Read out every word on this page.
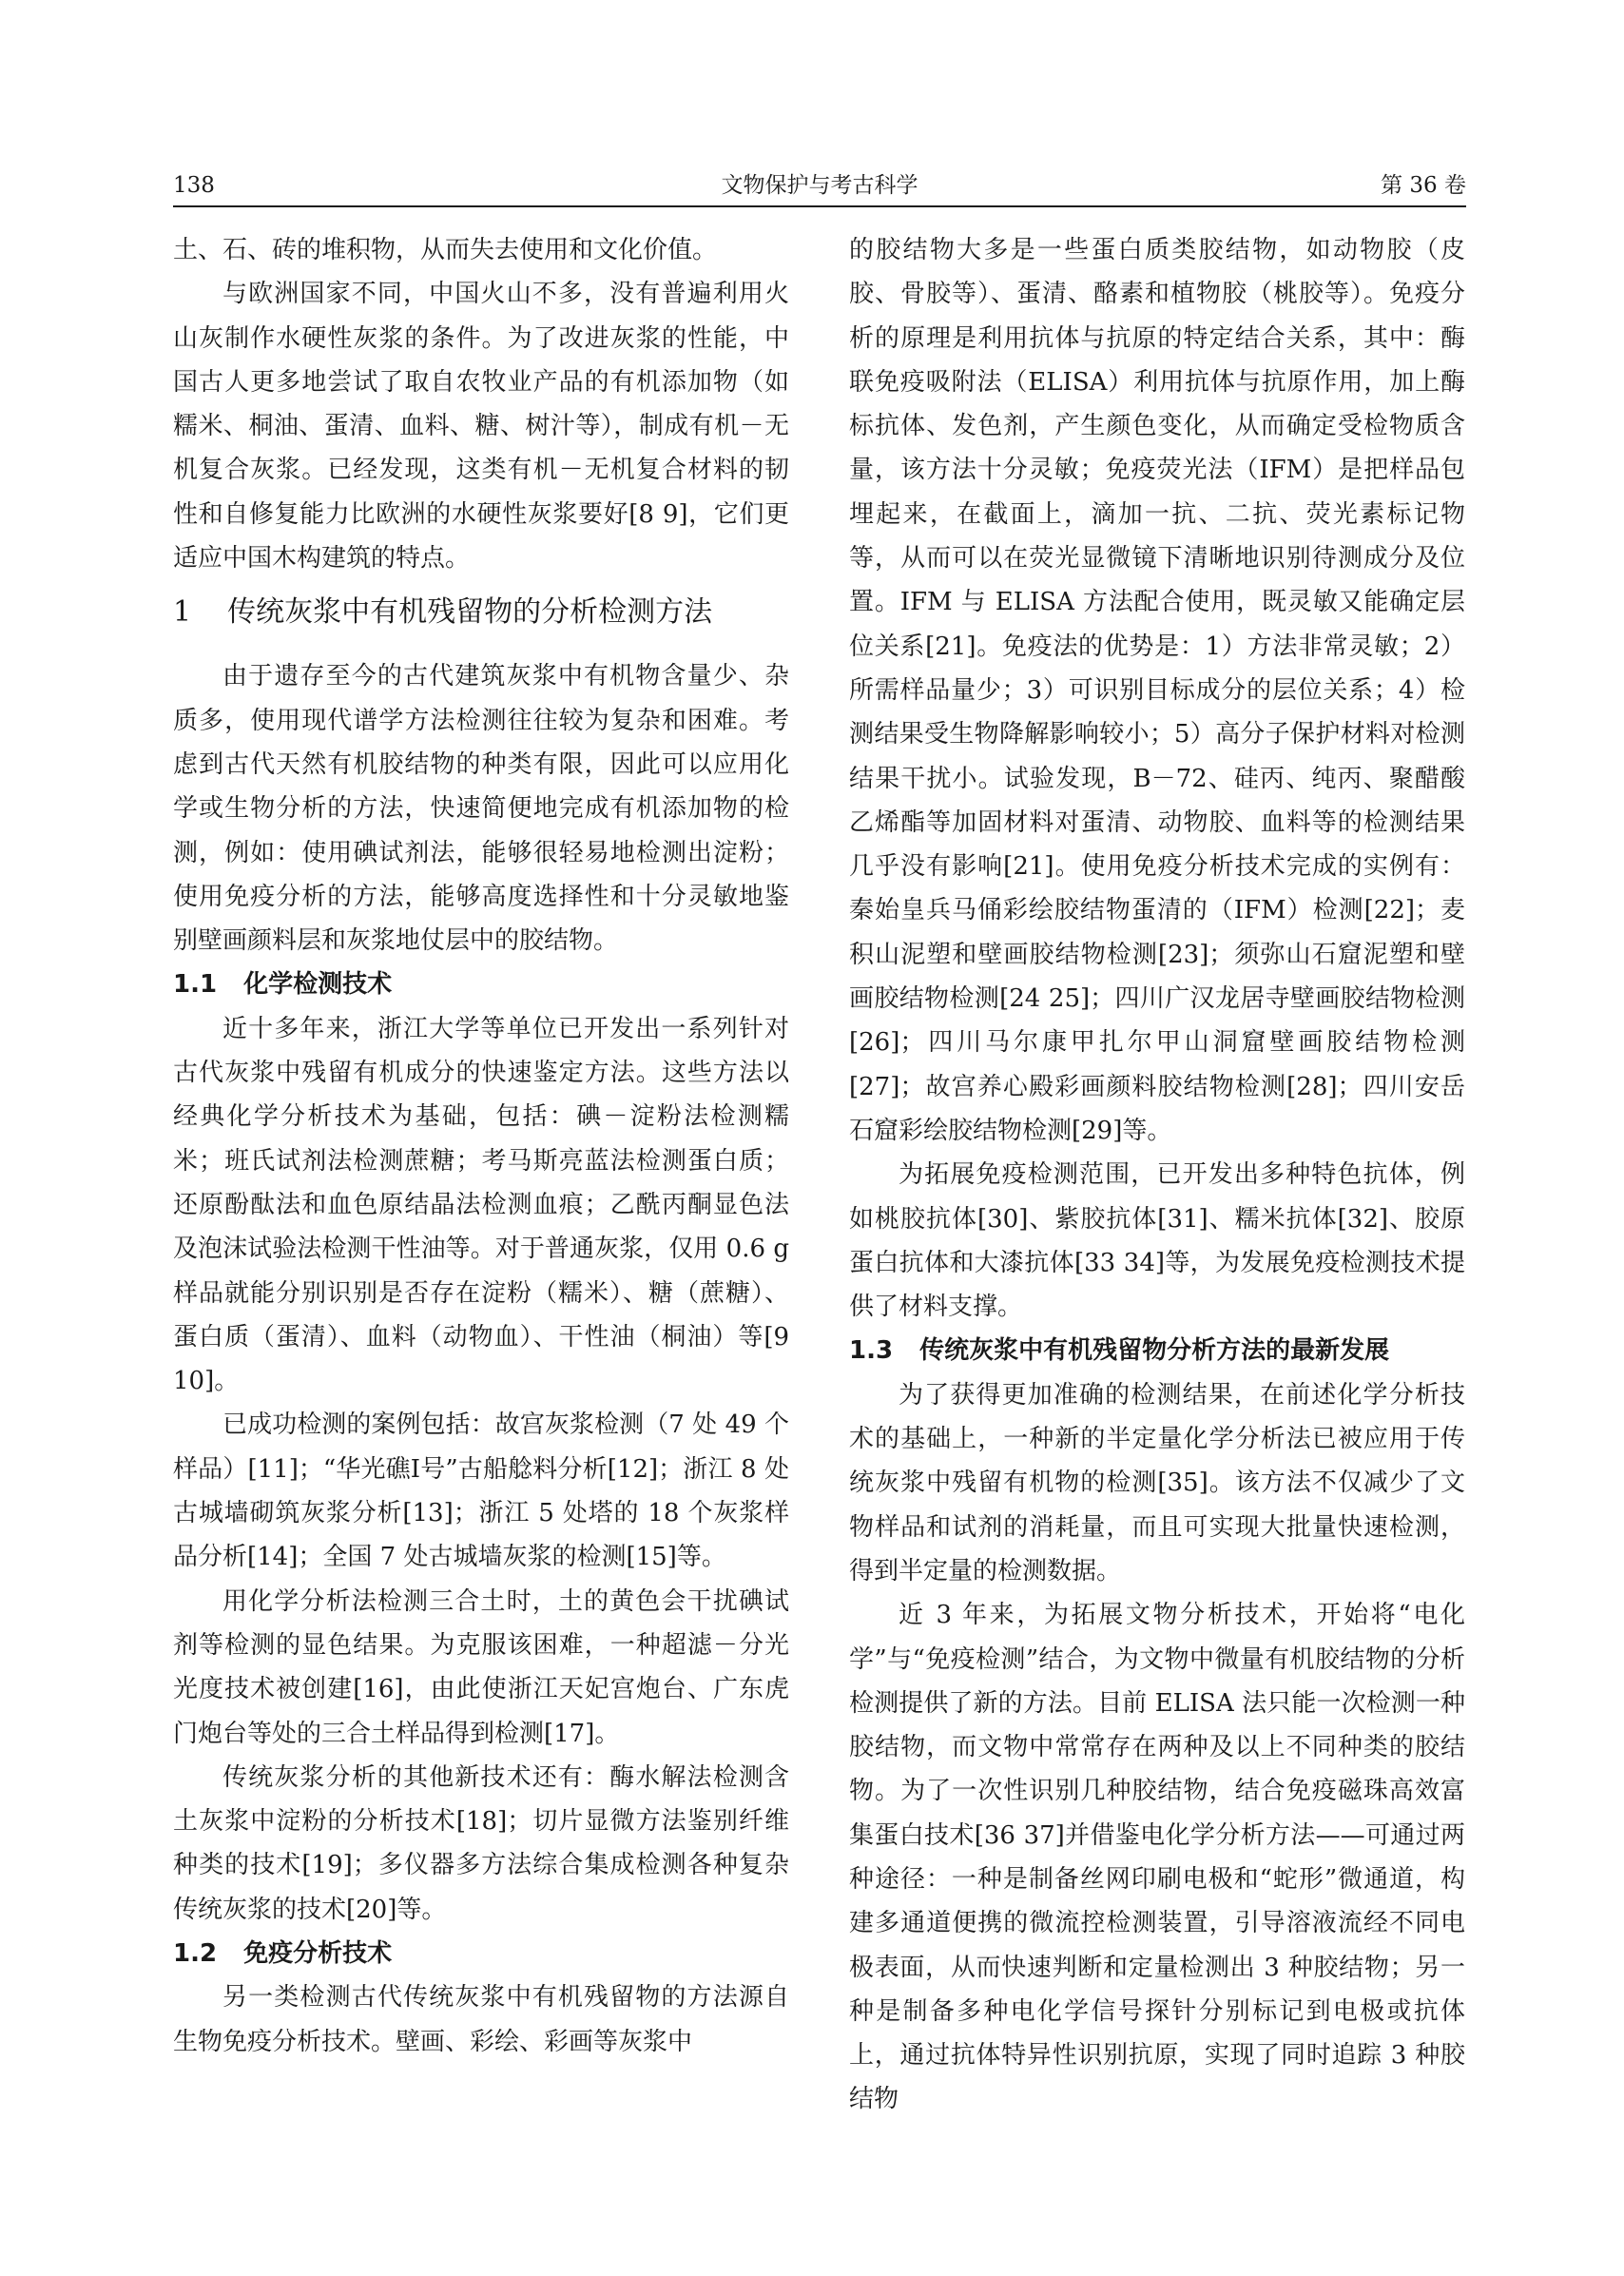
文物保护与考古科学
138	第 36 卷

土、石、砖的堆积物，从而失去使用和文化价值。

与欧洲国家不同，中国火山不多，没有普遍利用火山灰制作水硬性灰浆的条件。为了改进灰浆的性能，中国古人更多地尝试了取自农牧业产品的有机添加物（如糯米、桐油、蛋清、血料、糖、树汁等），制成有机－无机复合灰浆。已经发现，这类有机－无机复合材料的韧性和自修复能力比欧洲的水硬性灰浆要好[8 9]，它们更适应中国木构建筑的特点。

1 传统灰浆中有机残留物的分析检测方法

由于遗存至今的古代建筑灰浆中有机物含量少、杂质多，使用现代谱学方法检测往往较为复杂和困难。考虑到古代天然有机胶结物的种类有限，因此可以应用化学或生物分析的方法，快速简便地完成有机添加物的检测，例如：使用碘试剂法，能够很轻易地检测出淀粉；使用免疫分析的方法，能够高度选择性和十分灵敏地鉴别壁画颜料层和灰浆地仗层中的胶结物。

1.1 化学检测技术

近十多年来，浙江大学等单位已开发出一系列针对古代灰浆中残留有机成分的快速鉴定方法。这些方法以经典化学分析技术为基础，包括：碘－淀粉法检测糯米；班氏试剂法检测蔗糖；考马斯亮蓝法检测蛋白质；还原酚酞法和血色原结晶法检测血痕；乙酰丙酮显色法及泡沫试验法检测干性油等。对于普通灰浆，仅用 0.6 g 样品就能分别识别是否存在淀粉（糯米）、糖（蔗糖）、蛋白质（蛋清）、血料（动物血）、干性油（桐油）等[9 10]。

已成功检测的案例包括：故宫灰浆检测（7 处 49 个样品）[11]；“华光礁Ⅰ号”古船艌料分析[12]；浙江 8 处古城墙砌筑灰浆分析[13]；浙江 5 处塔的 18 个灰浆样品分析[14]；全国 7 处古城墙灰浆的检测[15]等。

用化学分析法检测三合土时，土的黄色会干扰碘试剂等检测的显色结果。为克服该困难，一种超滤－分光光度技术被创建[16]，由此使浙江天妃宫炮台、广东虎门炮台等处的三合土样品得到检测[17]。

传统灰浆分析的其他新技术还有：酶水解法检测含土灰浆中淀粉的分析技术[18]；切片显微方法鉴别纤维种类的技术[19]；多仪器多方法综合集成检测各种复杂传统灰浆的技术[20]等。

1.2 免疫分析技术

另一类检测古代传统灰浆中有机残留物的方法源自生物免疫分析技术。壁画、彩绘、彩画等灰浆中

的胶结物大多是一些蛋白质类胶结物，如动物胶（皮胶、骨胶等）、蛋清、酪素和植物胶（桃胶等）。免疫分析的原理是利用抗体与抗原的特定结合关系，其中：酶联免疫吸附法（ELISA）利用抗体与抗原作用，加上酶标抗体、发色剂，产生颜色变化，从而确定受检物质含量，该方法十分灵敏；免疫荧光法（IFM）是把样品包埋起来，在截面上，滴加一抗、二抗、荧光素标记物等，从而可以在荧光显微镜下清晰地识别待测成分及位置。IFM 与 ELISA 方法配合使用，既灵敏又能确定层位关系[21]。免疫法的优势是：1）方法非常灵敏；2）所需样品量少；3）可识别目标成分的层位关系；4）检测结果受生物降解影响较小；5）高分子保护材料对检测结果干扰小。试验发现，B－72、硅丙、纯丙、聚醋酸乙烯酯等加固材料对蛋清、动物胶、血料等的检测结果几乎没有影响[21]。使用免疫分析技术完成的实例有：秦始皇兵马俑彩绘胶结物蛋清的（IFM）检测[22]；麦积山泥塑和壁画胶结物检测[23]；须弥山石窟泥塑和壁画胶结物检测[24 25]；四川广汉龙居寺壁画胶结物检测[26]；四川马尔康甲扎尔甲山洞窟壁画胶结物检测[27]；故宫养心殿彩画颜料胶结物检测[28]；四川安岳石窟彩绘胶结物检测[29]等。

为拓展免疫检测范围，已开发出多种特色抗体，例如桃胶抗体[30]、紫胶抗体[31]、糯米抗体[32]、胶原蛋白抗体和大漆抗体[33 34]等，为发展免疫检测技术提供了材料支撑。

1.3 传统灰浆中有机残留物分析方法的最新发展

为了获得更加准确的检测结果，在前述化学分析技术的基础上，一种新的半定量化学分析法已被应用于传统灰浆中残留有机物的检测[35]。该方法不仅减少了文物样品和试剂的消耗量，而且可实现大批量快速检测，得到半定量的检测数据。

近 3 年来，为拓展文物分析技术，开始将“电化学”与“免疫检测”结合，为文物中微量有机胶结物的分析检测提供了新的方法。目前 ELISA 法只能一次检测一种胶结物，而文物中常常存在两种及以上不同种类的胶结物。为了一次性识别几种胶结物，结合免疫磁珠高效富集蛋白技术[36 37]并借鉴电化学分析方法——可通过两种途径：一种是制备丝网印刷电极和“蛇形”微通道，构建多通道便携的微流控检测装置，引导溶液流经不同电极表面，从而快速判断和定量检测出 3 种胶结物；另一种是制备多种电化学信号探针分别标记到电极或抗体上，通过抗体特异性识别抗原，实现了同时追踪 3 种胶结物
